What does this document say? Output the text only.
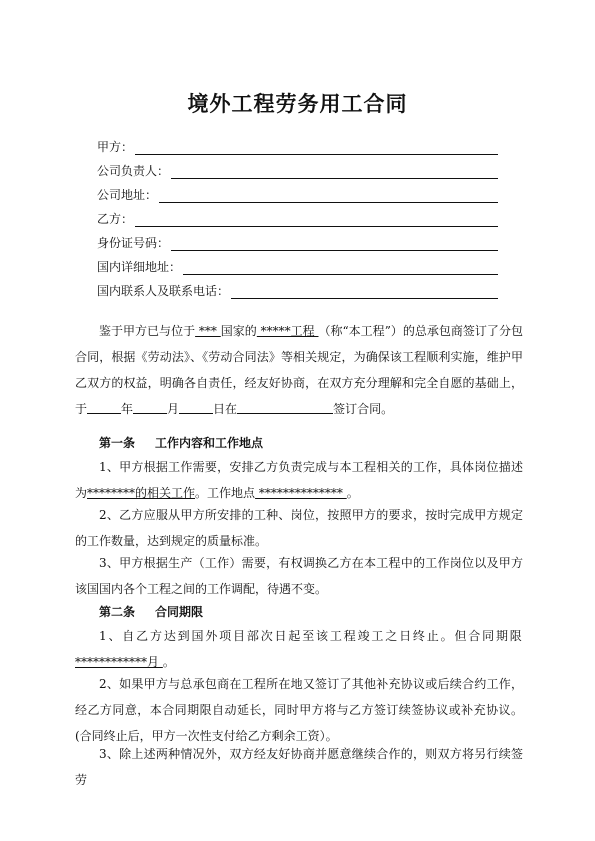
境外工程劳务用工合同
甲方：
公司负责人：
公司地址：
乙方：
身份证号码：
国内详细地址：
国内联系人及联系电话：
鉴于甲方已与位于 *** 国家的 *****工程 （称“本工程”）的总承包商签订了分包合同，根据《劳动法》、《劳动合同法》等相关规定，为确保该工程顺利实施，维护甲乙双方的权益，明确各自责任，经友好协商，在双方充分理解和完全自愿的基础上，于	年	月	日在	签订合同。
第一条 工作内容和工作地点
1、甲方根据工作需要，安排乙方负责完成与本工程相关的工作，具体岗位描述为********的相关工作。工作地点 ************** 。
2、乙方应服从甲方所安排的工种、岗位，按照甲方的要求，按时完成甲方规定的工作数量，达到规定的质量标准。
3、甲方根据生产（工作）需要，有权调换乙方在本工程中的工作岗位以及甲方该国国内各个工程之间的工作调配，待遇不变。
第二条 合同期限
1、自乙方达到国外项目部次日起至该工程竣工之日终止。但合同期限************月 。
2、如果甲方与总承包商在工程所在地又签订了其他补充协议或后续合约工作，经乙方同意，本合同期限自动延长，同时甲方将与乙方签订续签协议或补充协议。(合同终止后，甲方一次性支付给乙方剩余工资）。
3、除上述两种情况外，双方经友好协商并愿意继续合作的，则双方将另行续签劳
